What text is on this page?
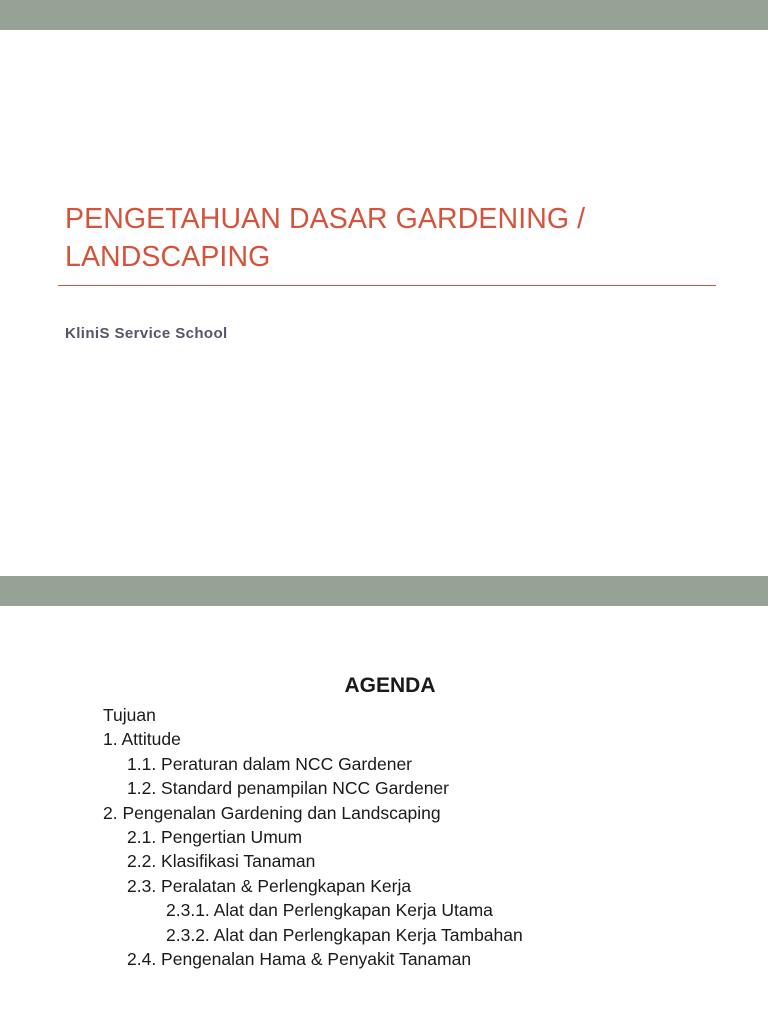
PENGETAHUAN DASAR GARDENING /
LANDSCAPING
KliniS Service School
AGENDA
Tujuan
1. Attitude
1.1. Peraturan dalam NCC Gardener
1.2. Standard penampilan NCC Gardener
2. Pengenalan Gardening dan Landscaping
2.1. Pengertian Umum
2.2. Klasifikasi Tanaman
2.3. Peralatan & Perlengkapan Kerja
2.3.1. Alat dan Perlengkapan Kerja Utama
2.3.2. Alat dan Perlengkapan Kerja Tambahan
2.4. Pengenalan Hama & Penyakit Tanaman
